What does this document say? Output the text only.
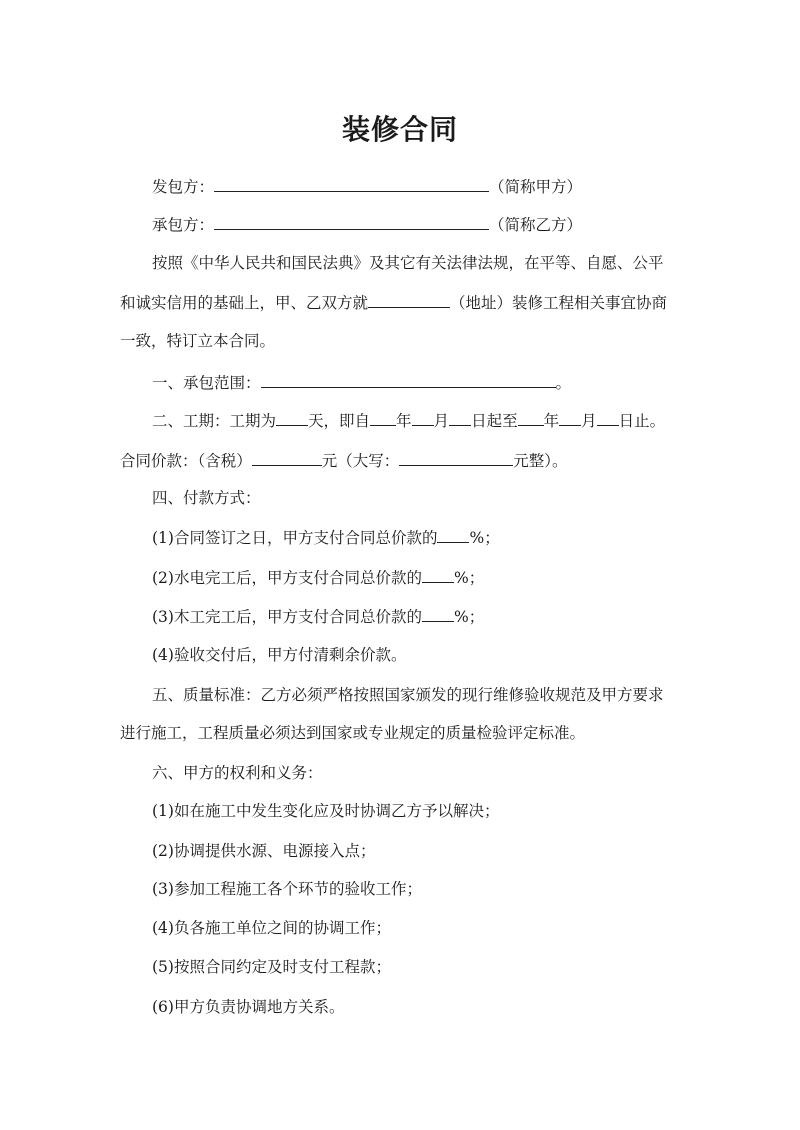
装修合同
发包方：	（简称甲方）
承包方：	（简称乙方）
按照《中华人民共和国民法典》及其它有关法律法规，在平等、自愿、公平
和诚实信用的基础上，甲、乙双方就	（地址）装修工程相关事宜协商
一致，特订立本合同。
一、承包范围：	。
二、工期：工期为 天，即自 年 月 日起至 年 月 日止。
合同价款：（含税）	元（大写：	元整）。
四、付款方式：
(1)合同签订之日，甲方支付合同总价款的 %；
(2)水电完工后，甲方支付合同总价款的 %；
(3)木工完工后，甲方支付合同总价款的 %；
(4)验收交付后，甲方付清剩余价款。
五、质量标准：乙方必须严格按照国家颁发的现行维修验收规范及甲方要求
进行施工，工程质量必须达到国家或专业规定的质量检验评定标准。
六、甲方的权利和义务：
(1)如在施工中发生变化应及时协调乙方予以解决；
(2)协调提供水源、电源接入点；
(3)参加工程施工各个环节的验收工作；
(4)负各施工单位之间的协调工作；
(5)按照合同约定及时支付工程款；
(6)甲方负责协调地方关系。
